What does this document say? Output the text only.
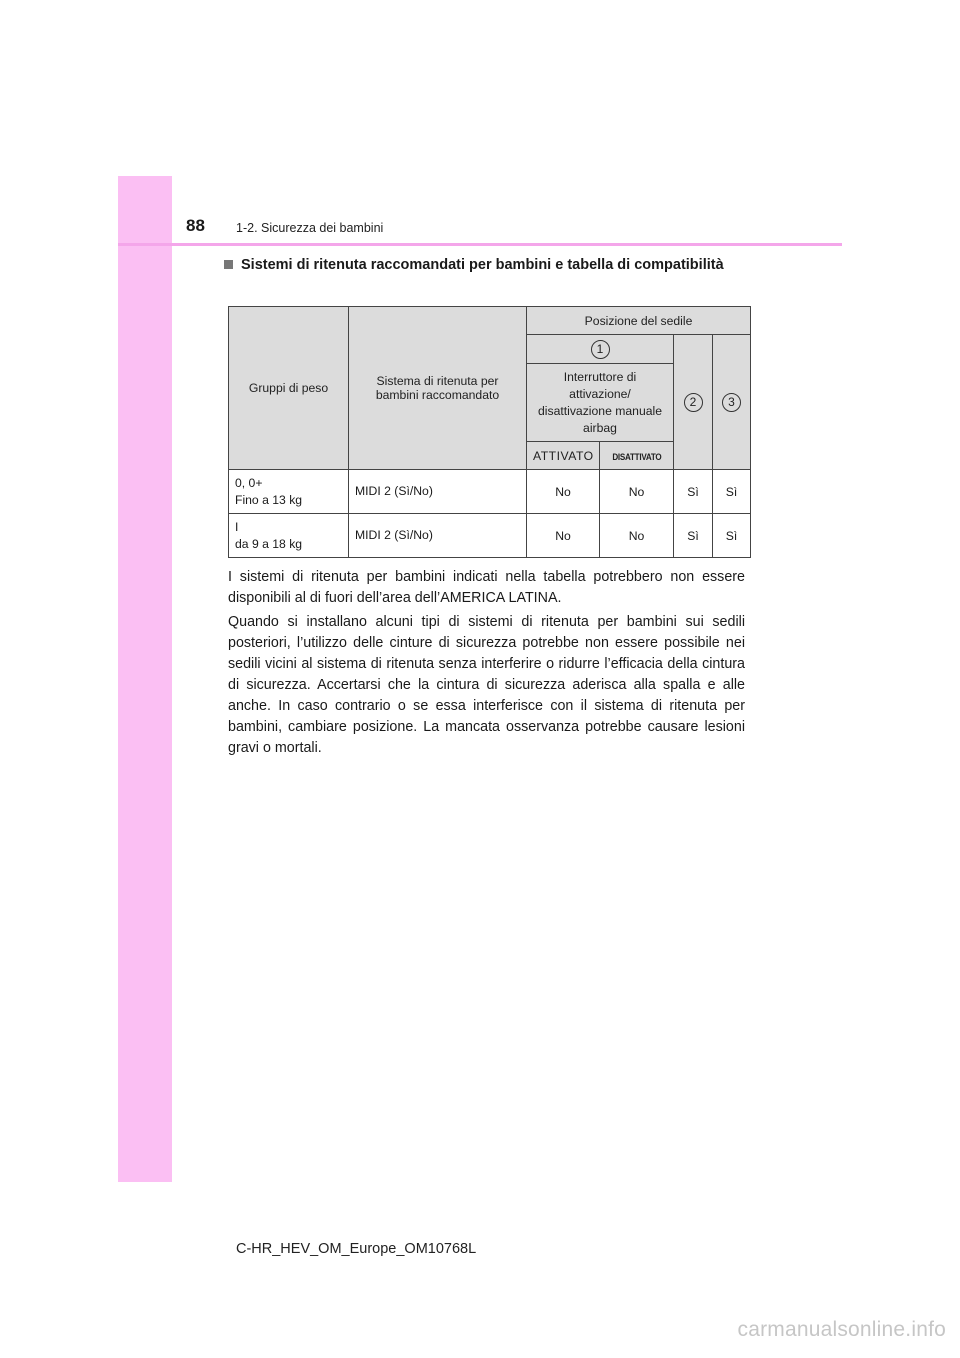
88 1-2. Sicurezza dei bambini
Sistemi di ritenuta raccomandati per bambini e tabella di compatibilità
Gruppi di peso	Sistema di ritenuta per bambini raccomandato	Posizione del sedile			
		1		2	3
		Interruttore di attivazione/ disattivazione manuale airbag			
		ATTIVATO	DISATTIVATO		

0, 0+
Fino a 13 kg	MIDI 2 (Sì/No)	No	No	Sì	Sì
I
da 9 a 18 kg	MIDI 2 (Sì/No)	No	No	Sì	Sì

I sistemi di ritenuta per bambini indicati nella tabella potrebbero non essere disponibili al di fuori dell’area dell’AMERICA LATINA.

Quando si installano alcuni tipi di sistemi di ritenuta per bambini sui sedili posteriori, l’utilizzo delle cinture di sicurezza potrebbe non essere possibile nei sedili vicini al sistema di ritenuta senza interferire o ridurre l’efficacia della cintura di sicurezza. Accertarsi che la cintura di sicurezza aderisca alla spalla e alle anche. In caso contrario o se essa interferisce con il sistema di ritenuta per bambini, cambiare posizione. La mancata osservanza potrebbe causare lesioni gravi o mortali.

C-HR_HEV_OM_Europe_OM10768L
carmanualsonline.info
